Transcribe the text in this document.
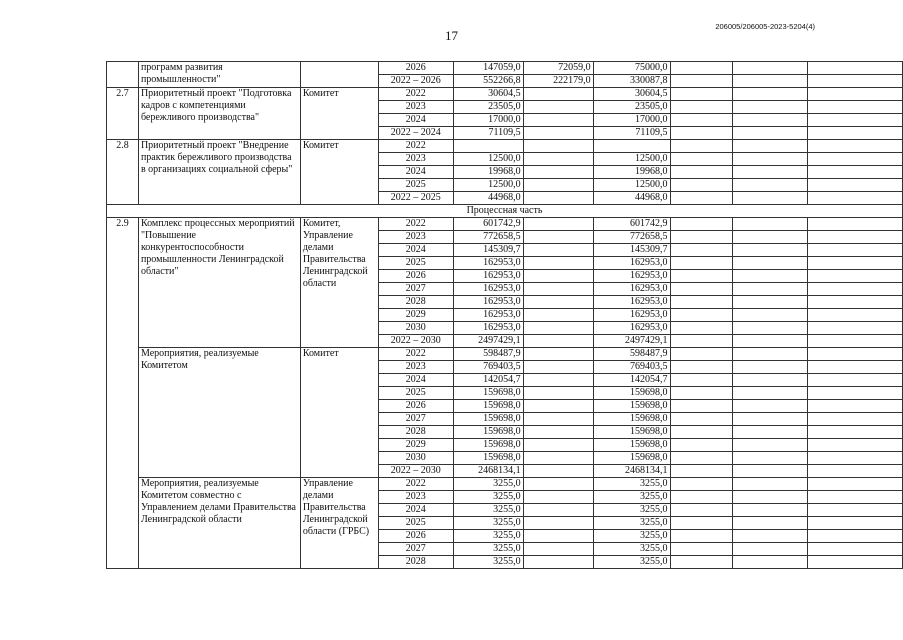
17
206005/206005-2023-5204(4)
	программ развития промышленности"		2026	147059,0	72059,0	75000,0			
			2022 – 2026	552266,8	222179,0	330087,8			
2.7	Приоритетный проект "Подготовка кадров с компетенциями бережливого производства"	Комитет	2022	30604,5		30604,5			
			2023	23505,0		23505,0			
			2024	17000,0		17000,0			
			2022 – 2024	71109,5		71109,5			
2.8	Приоритетный проект "Внедрение практик бережливого производства в организациях социальной сферы"	Комитет	2022						
			2023	12500,0		12500,0			
			2024	19968,0		19968,0			
			2025	12500,0		12500,0			
			2022 – 2025	44968,0		44968,0			
Процессная часть									
2.9	Комплекс процессных мероприятий "Повышение конкурентоспособности промышленности Ленинградской области"	Комитет, Управление делами Правительства Ленинградской области	2022	601742,9		601742,9			
			2023	772658,5		772658,5			
			2024	145309,7		145309,7			
			2025	162953,0		162953,0			
			2026	162953,0		162953,0			
			2027	162953,0		162953,0			
			2028	162953,0		162953,0			
			2029	162953,0		162953,0			
			2030	162953,0		162953,0			
			2022 – 2030	2497429,1		2497429,1			
	Мероприятия, реализуемые Комитетом	Комитет	2022	598487,9		598487,9			
			2023	769403,5		769403,5			
			2024	142054,7		142054,7			
			2025	159698,0		159698,0			
			2026	159698,0		159698,0			
			2027	159698,0		159698,0			
			2028	159698,0		159698,0			
			2029	159698,0		159698,0			
			2030	159698,0		159698,0			
			2022 – 2030	2468134,1		2468134,1			
	Мероприятия, реализуемые Комитетом совместно с Управлением делами Правительства Ленинградской области	Управление делами Правительства Ленинградской области (ГРБС)	2022	3255,0		3255,0			
			2023	3255,0		3255,0			
			2024	3255,0		3255,0			
			2025	3255,0		3255,0			
			2026	3255,0		3255,0			
			2027	3255,0		3255,0			
			2028	3255,0		3255,0			
